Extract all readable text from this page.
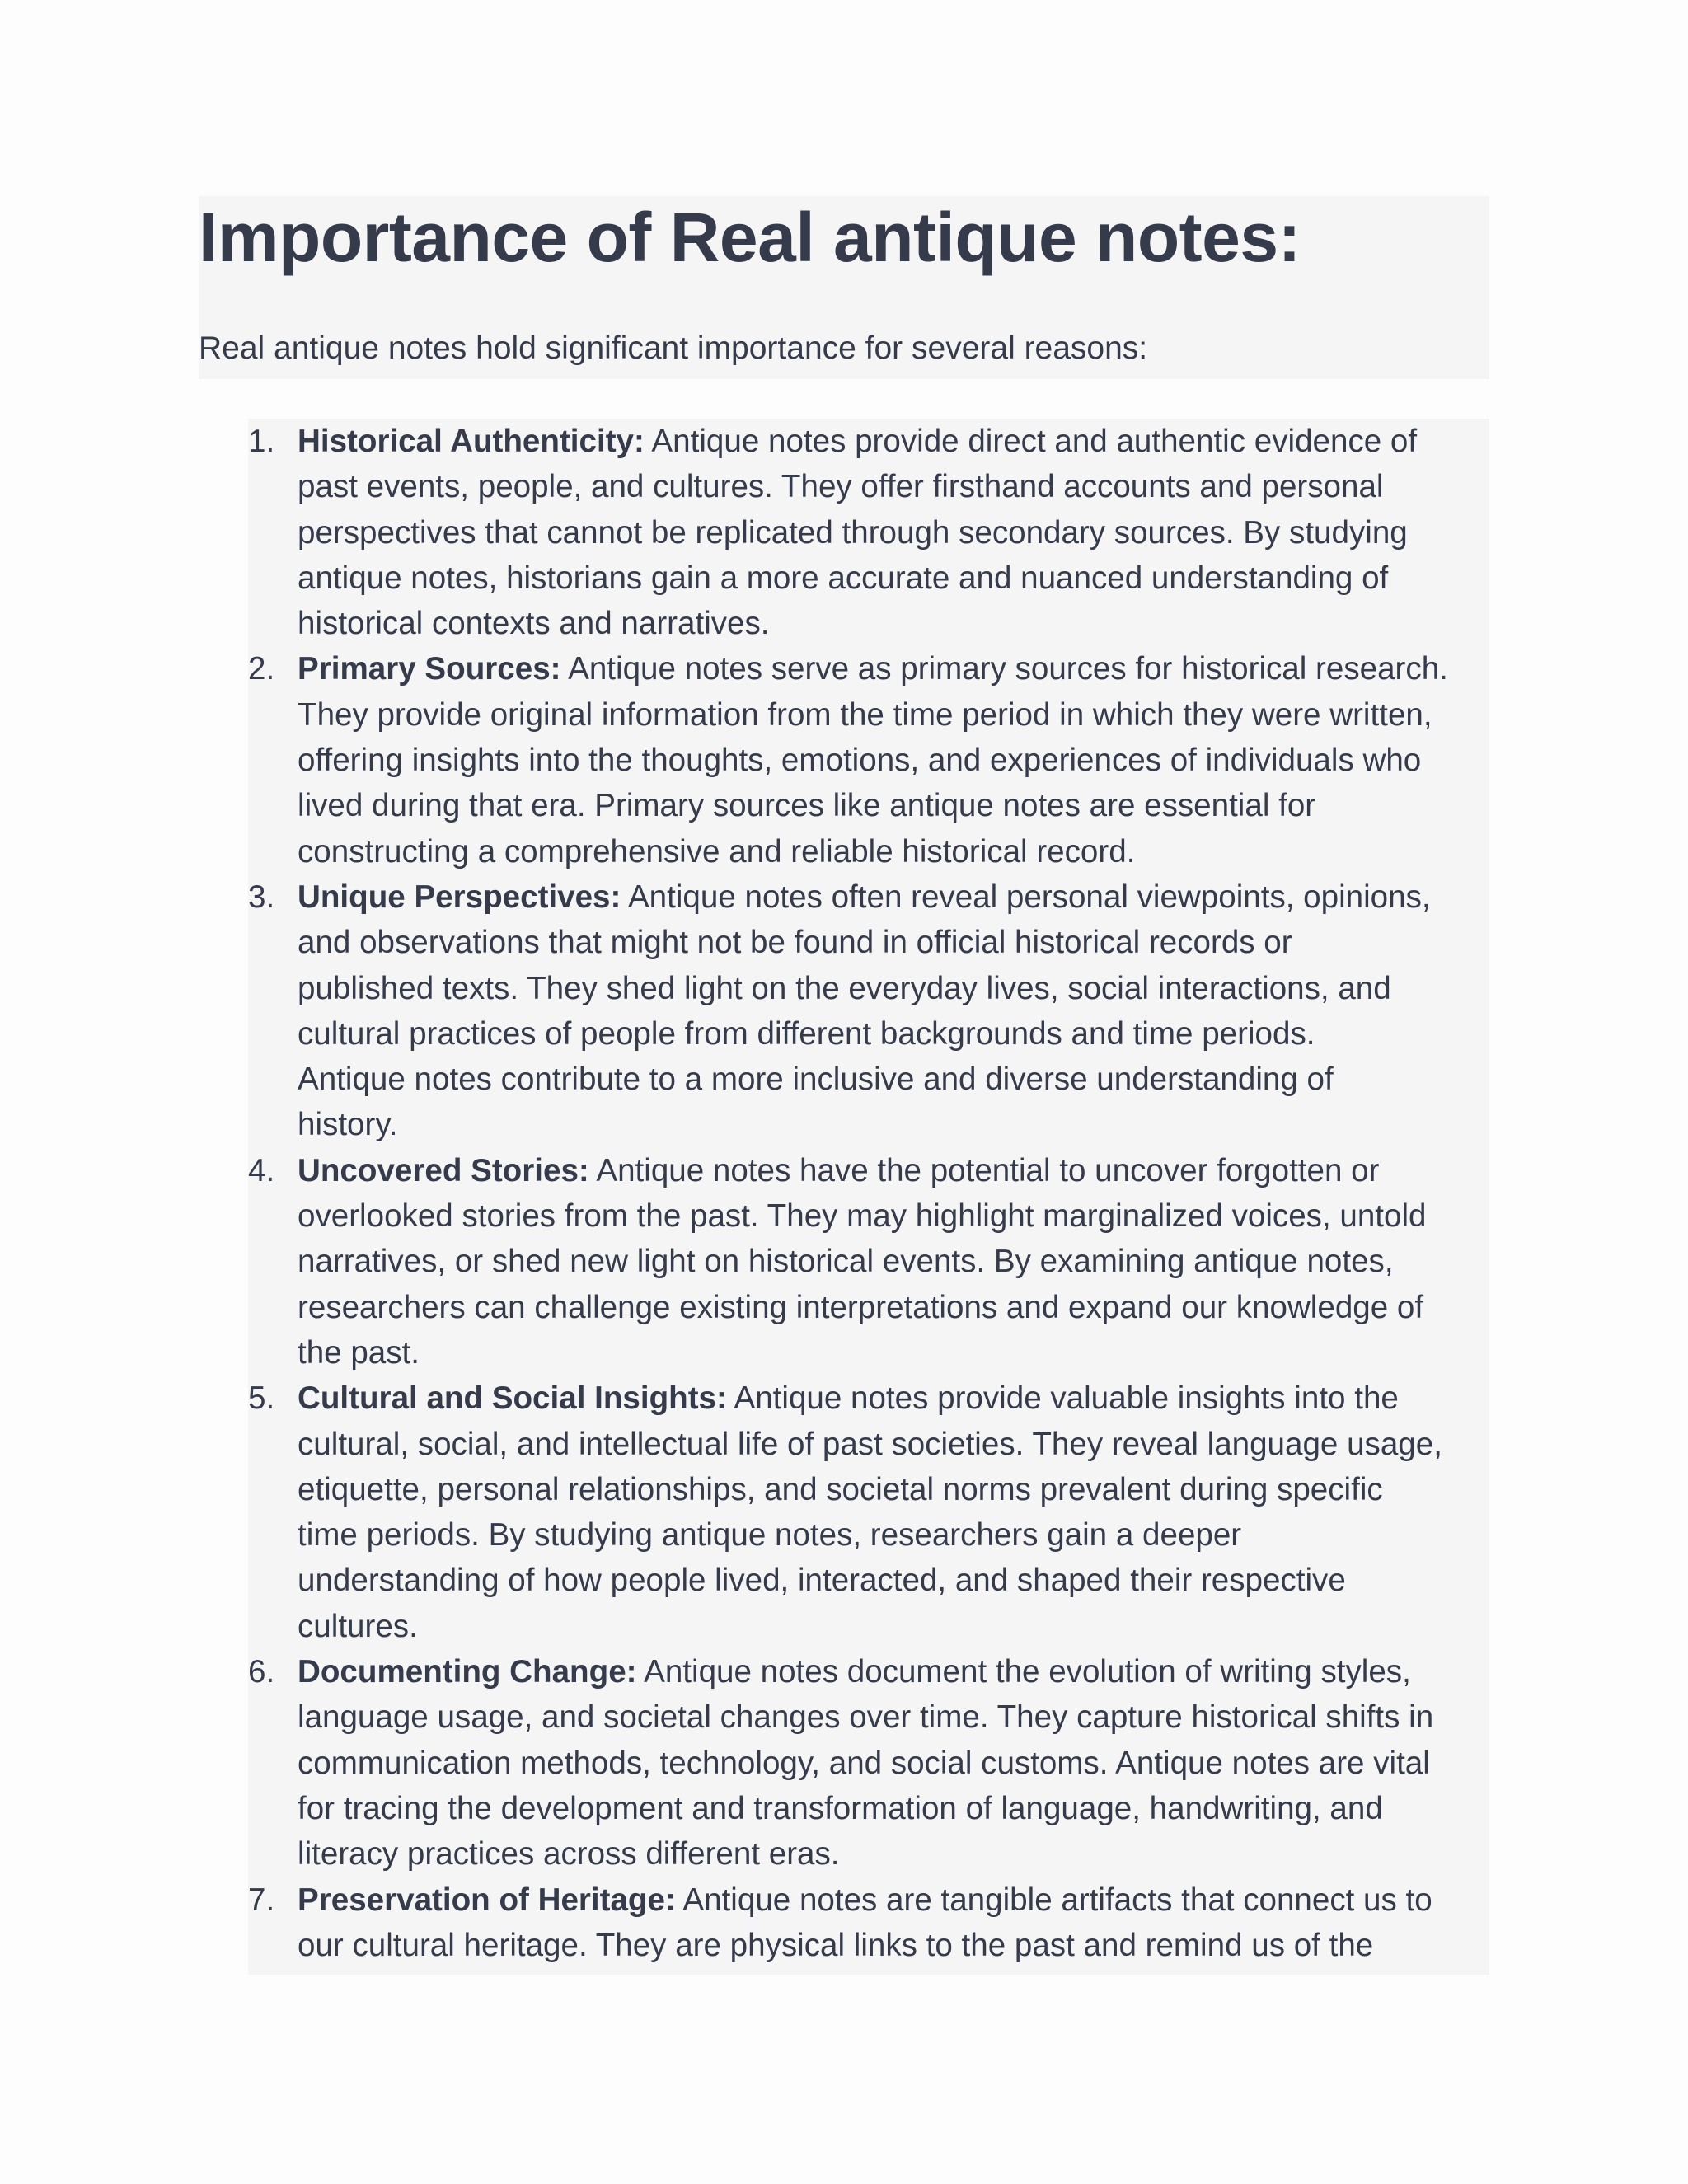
Importance of Real antique notes:

Real antique notes hold significant importance for several reasons:

1. Historical Authenticity: Antique notes provide direct and authentic evidence of
past events, people, and cultures. They offer firsthand accounts and personal
perspectives that cannot be replicated through secondary sources. By studying
antique notes, historians gain a more accurate and nuanced understanding of
historical contexts and narratives.
2. Primary Sources: Antique notes serve as primary sources for historical research.
They provide original information from the time period in which they were written,
offering insights into the thoughts, emotions, and experiences of individuals who
lived during that era. Primary sources like antique notes are essential for
constructing a comprehensive and reliable historical record.
3. Unique Perspectives: Antique notes often reveal personal viewpoints, opinions,
and observations that might not be found in official historical records or
published texts. They shed light on the everyday lives, social interactions, and
cultural practices of people from different backgrounds and time periods.
Antique notes contribute to a more inclusive and diverse understanding of
history.
4. Uncovered Stories: Antique notes have the potential to uncover forgotten or
overlooked stories from the past. They may highlight marginalized voices, untold
narratives, or shed new light on historical events. By examining antique notes,
researchers can challenge existing interpretations and expand our knowledge of
the past.
5. Cultural and Social Insights: Antique notes provide valuable insights into the
cultural, social, and intellectual life of past societies. They reveal language usage,
etiquette, personal relationships, and societal norms prevalent during specific
time periods. By studying antique notes, researchers gain a deeper
understanding of how people lived, interacted, and shaped their respective
cultures.
6. Documenting Change: Antique notes document the evolution of writing styles,
language usage, and societal changes over time. They capture historical shifts in
communication methods, technology, and social customs. Antique notes are vital
for tracing the development and transformation of language, handwriting, and
literacy practices across different eras.
7. Preservation of Heritage: Antique notes are tangible artifacts that connect us to
our cultural heritage. They are physical links to the past and remind us of the
